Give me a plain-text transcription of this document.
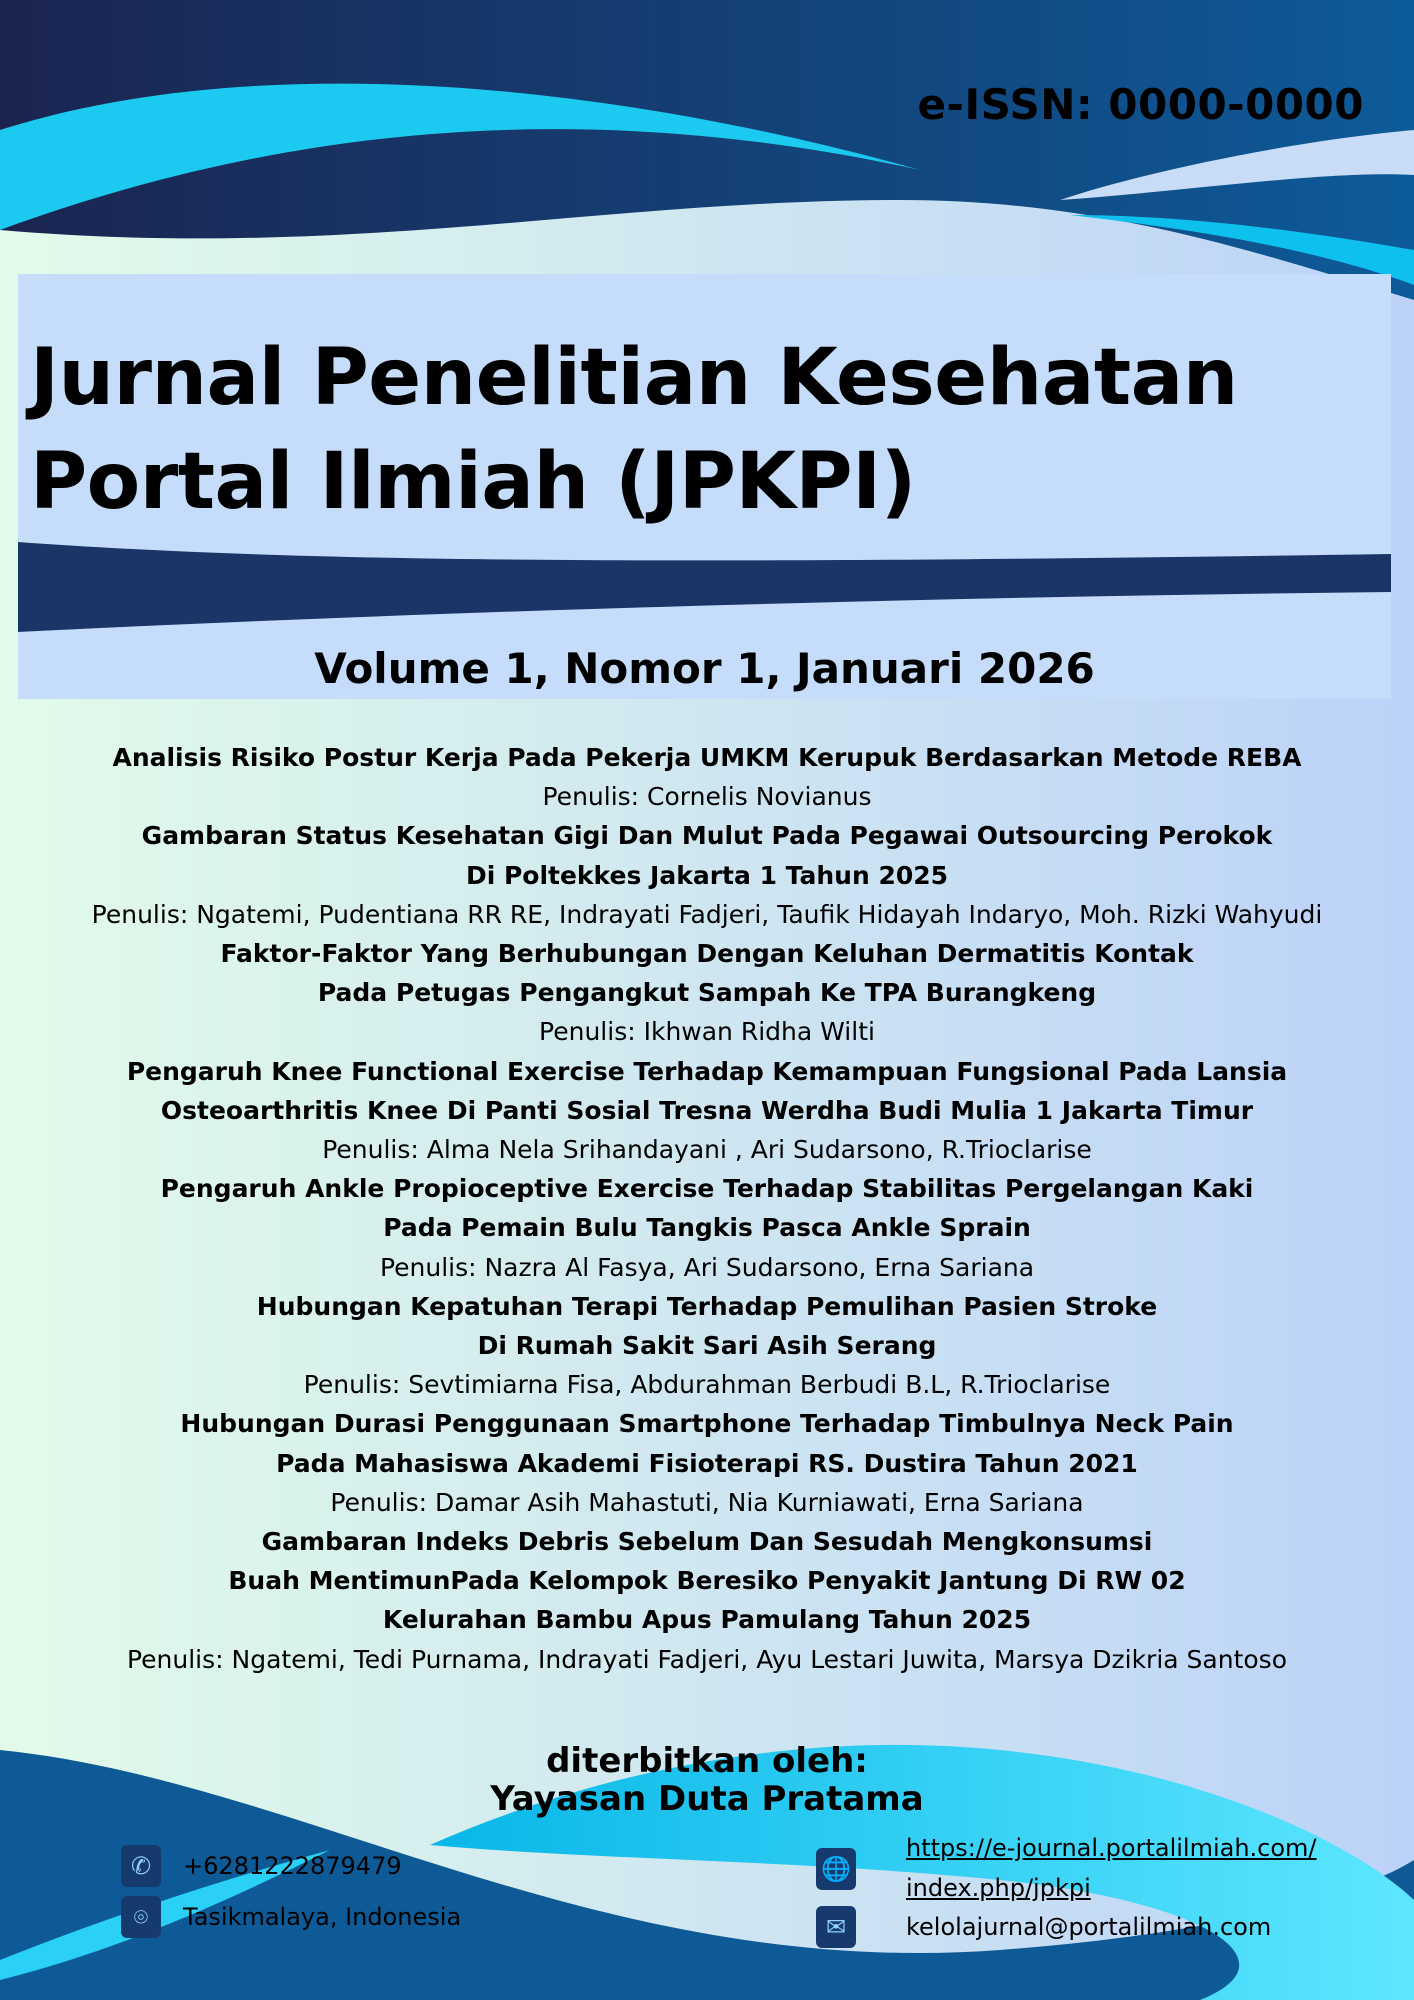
e-ISSN: 0000-0000
Jurnal Penelitian Kesehatan
Portal Ilmiah (JPKPI)
Volume 1, Nomor 1, Januari 2026
Analisis Risiko Postur Kerja Pada Pekerja UMKM Kerupuk Berdasarkan Metode REBA
Penulis: Cornelis Novianus
Gambaran Status Kesehatan Gigi Dan Mulut Pada Pegawai Outsourcing Perokok
Di Poltekkes Jakarta 1 Tahun 2025
Penulis: Ngatemi, Pudentiana RR RE, Indrayati Fadjeri, Taufik Hidayah Indaryo, Moh. Rizki Wahyudi
Faktor-Faktor Yang Berhubungan Dengan Keluhan Dermatitis Kontak
Pada Petugas Pengangkut Sampah Ke TPA Burangkeng
Penulis: Ikhwan Ridha Wilti
Pengaruh Knee Functional Exercise Terhadap Kemampuan Fungsional Pada Lansia
Osteoarthritis Knee Di Panti Sosial Tresna Werdha Budi Mulia 1 Jakarta Timur
Penulis: Alma Nela Srihandayani , Ari Sudarsono, R.Trioclarise
Pengaruh Ankle Propioceptive Exercise Terhadap Stabilitas Pergelangan Kaki
Pada Pemain Bulu Tangkis Pasca Ankle Sprain
Penulis: Nazra Al Fasya, Ari Sudarsono, Erna Sariana
Hubungan Kepatuhan Terapi Terhadap Pemulihan Pasien Stroke
Di Rumah Sakit Sari Asih Serang
Penulis: Sevtimiarna Fisa, Abdurahman Berbudi B.L, R.Trioclarise
Hubungan Durasi Penggunaan Smartphone Terhadap Timbulnya Neck Pain
Pada Mahasiswa Akademi Fisioterapi RS. Dustira Tahun 2021
Penulis: Damar Asih Mahastuti, Nia Kurniawati, Erna Sariana
Gambaran Indeks Debris Sebelum Dan Sesudah Mengkonsumsi
Buah MentimunPada Kelompok Beresiko Penyakit Jantung Di RW 02
Kelurahan Bambu Apus Pamulang Tahun 2025
Penulis: Ngatemi, Tedi Purnama, Indrayati Fadjeri, Ayu Lestari Juwita, Marsya Dzikria Santoso
diterbitkan oleh:
Yayasan Duta Pratama
✆	+6281222879479
⌾	Tasikmalaya, Indonesia
🌐
https://e-journal.portalilmiah.com/
index.php/jpkpi
✉	kelolajurnal@portalilmiah.com
